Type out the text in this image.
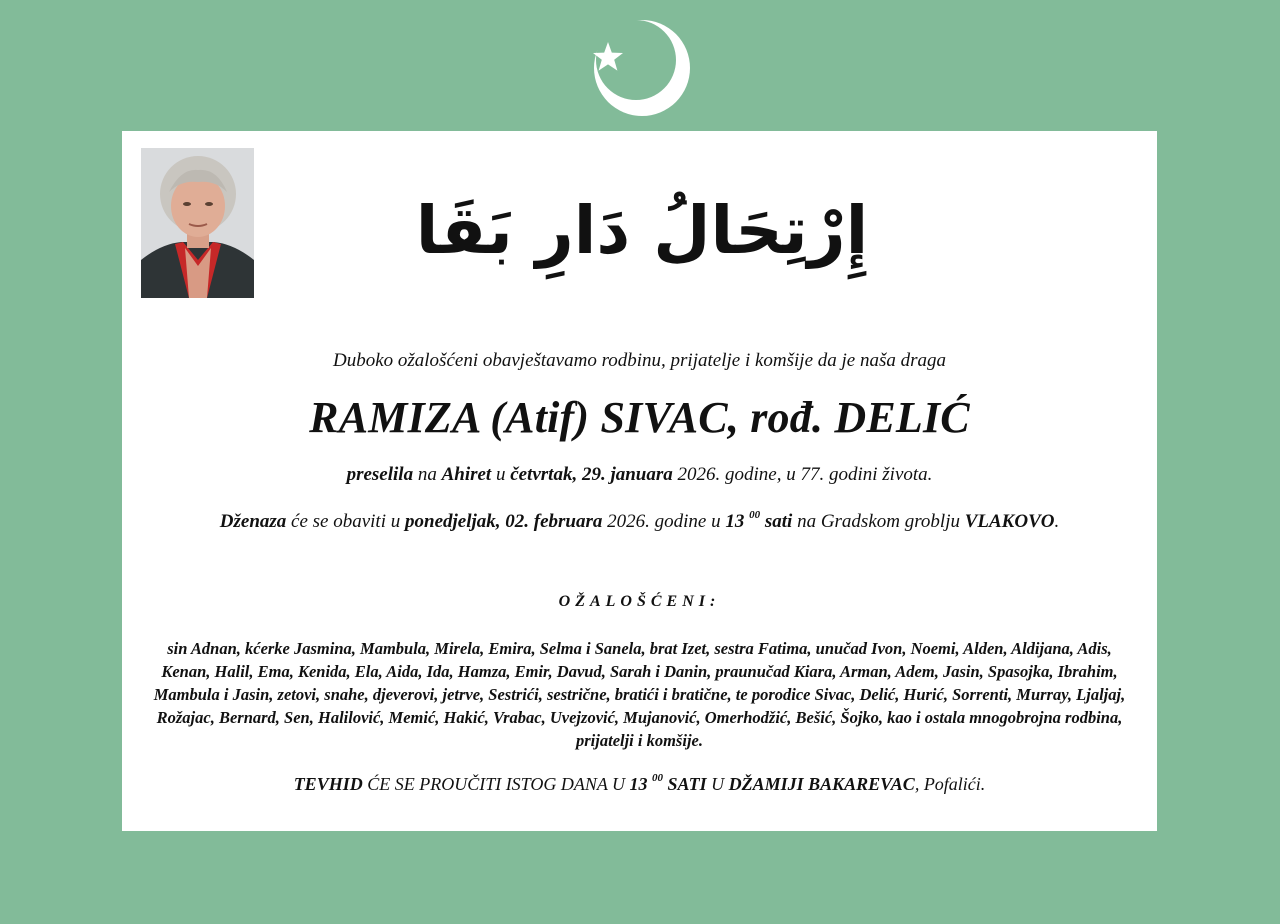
إِرْتِحَالُ دَارِ بَقَا
Duboko ožalošćeni obavještavamo rodbinu, prijatelje i komšije da je naša draga
RAMIZA (Atif) SIVAC, rođ. DELIĆ
preselila na Ahiret u četvrtak, 29. januara 2026. godine, u 77. godini života.
Dženaza će se obaviti u ponedjeljak, 02. februara 2026. godine u 13 $^{00}$ sati na Gradskom groblju VLAKOVO.
OŽALOŠĆENI:
sin Adnan, kćerke Jasmina, Mambula, Mirela, Emira, Selma i Sanela, brat Izet, sestra Fatima, unučad Ivon, Noemi, Alden, Aldijana, Adis, Kenan, Halil, Ema, Kenida, Ela, Aida, Ida, Hamza, Emir, Davud, Sarah i Danin, praunučad Kiara, Arman, Adem, Jasin, Spasojka, Ibrahim, Mambula i Jasin, zetovi, snahe, djeverovi, jetrve, Sestrići, sestrične, bratići i bratične, te porodice Sivac, Delić, Hurić, Sorrenti, Murray, Ljaljaj, Rožajac, Bernard, Sen, Halilović, Memić, Hakić, Vrabac, Uvejzović, Mujanović, Omerhodžić, Bešić, Šojko, kao i ostala mnogobrojna rodbina, prijatelji i komšije.
TEVHID ĆE SE PROUČITI ISTOG DANA U 13 $^{00}$ SATI U DŽAMIJI BAKAREVAC, Pofalići.
